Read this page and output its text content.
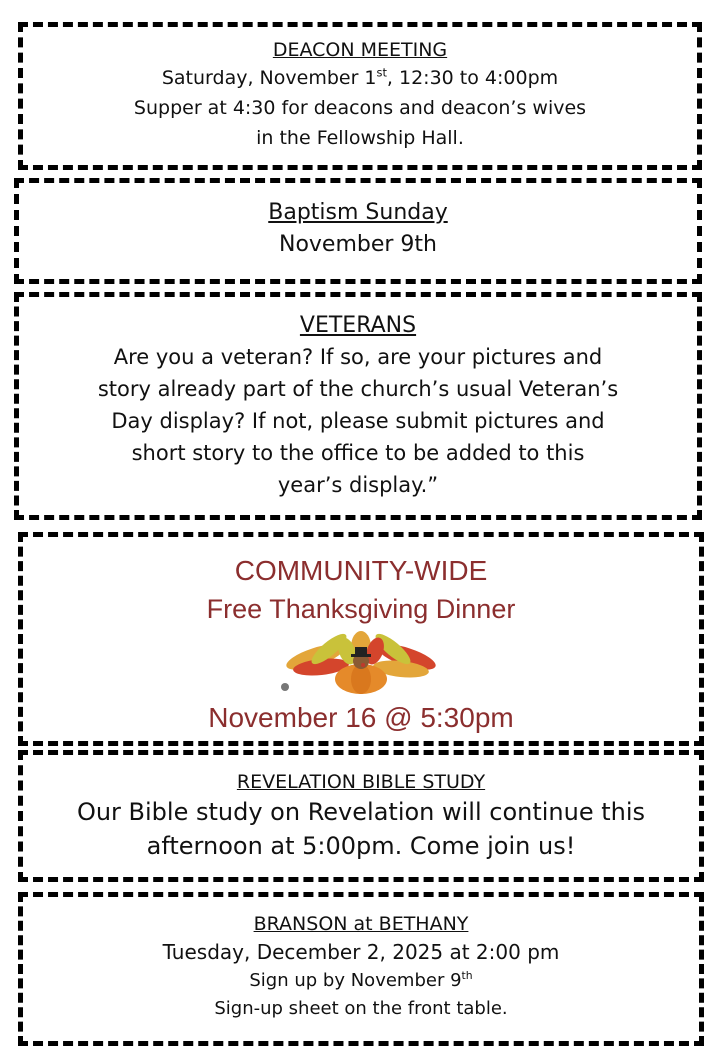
DEACON MEETING

Saturday, November 1st, 12:30 to 4:00pm

Supper at 4:30 for deacons and deacon’s wives

in the Fellowship Hall.

Baptism Sunday

November 9th

VETERANS

Are you a veteran? If so, are your pictures and

story already part of the church’s usual Veteran’s

Day display? If not, please submit pictures and

short story to the office to be added to this

year’s display.”

COMMUNITY-WIDE

Free Thanksgiving Dinner

November 16 @ 5:30pm

REVELATION BIBLE STUDY

Our Bible study on Revelation will continue this

afternoon at 5:00pm. Come join us!

BRANSON at BETHANY

Tuesday, December 2, 2025 at 2:00 pm

Sign up by November 9th

Sign-up sheet on the front table.
